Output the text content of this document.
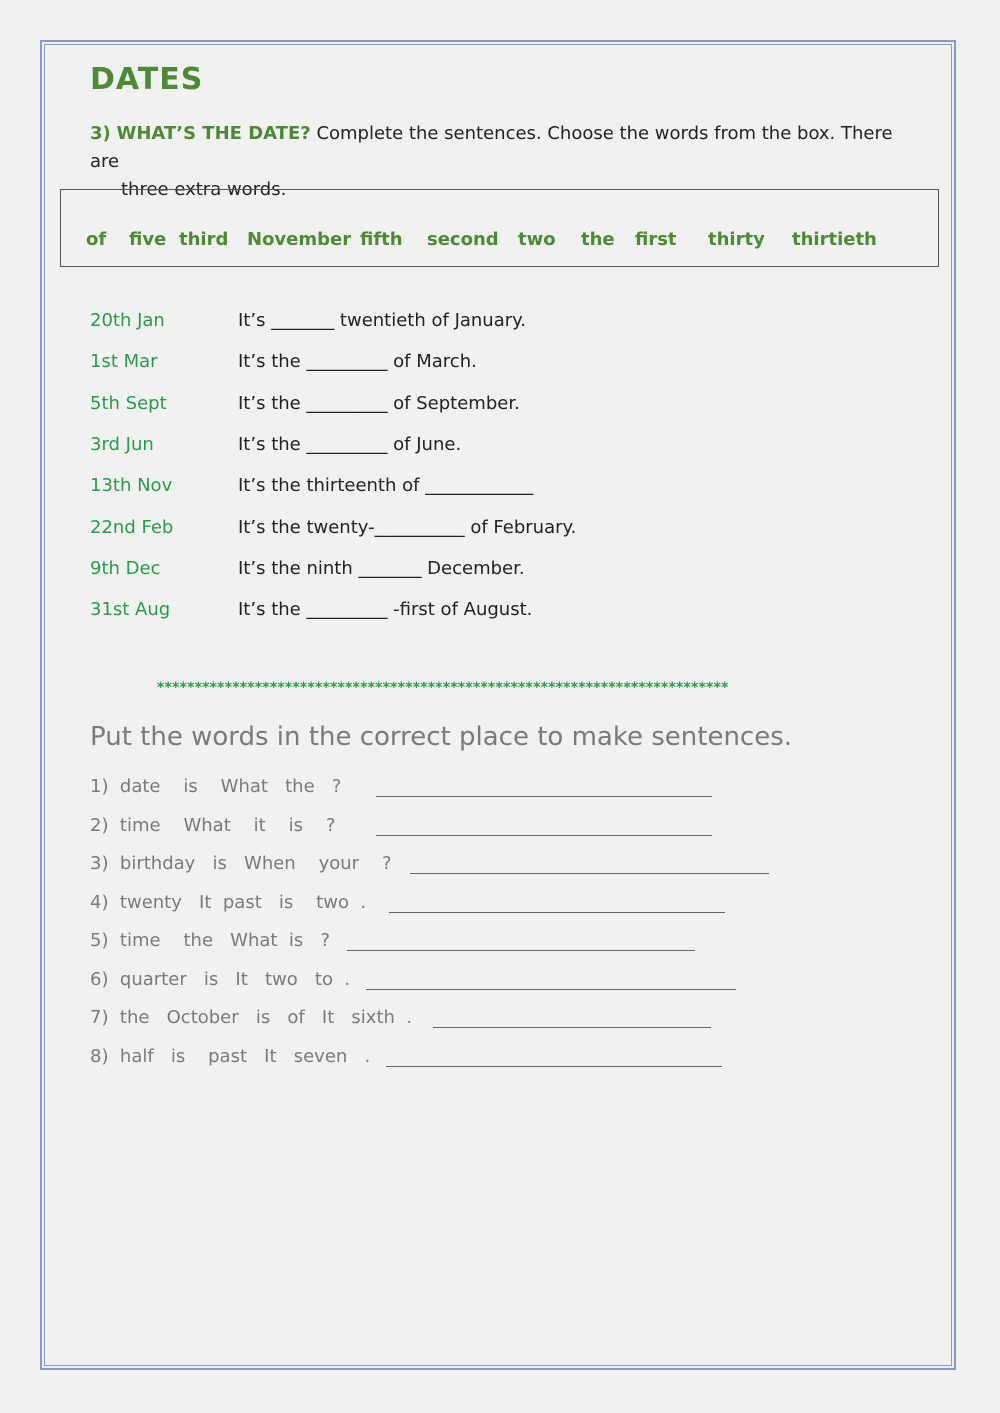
DATES
3) WHAT’S THE DATE? Complete the sentences. Choose the words from the box. There are
three extra words.
of five third November fifth second two the first thirty thirtieth
20th Jan	It’s _______ twentieth of January.
1st Mar	It’s the _________ of March.
5th Sept	It’s the _________ of September.
3rd Jun	It’s the _________ of June.
13th Nov	It’s the thirteenth of ____________
22nd Feb	It’s the twenty-__________ of February.
9th Dec	It’s the ninth _______ December.
31st Aug	It’s the _________ -first of August.
****************************************************************************
Put the words in the correct place to make sentences.
1)  date    is    What   the   ?
2)  time    What    it    is    ?
3)  birthday   is   When    your    ?
4)  twenty   It  past   is    two  .
5)  time    the   What  is   ?
6)  quarter   is   It   two   to  .
7)  the   October   is   of   It   sixth  .
8)  half   is    past   It   seven   .
